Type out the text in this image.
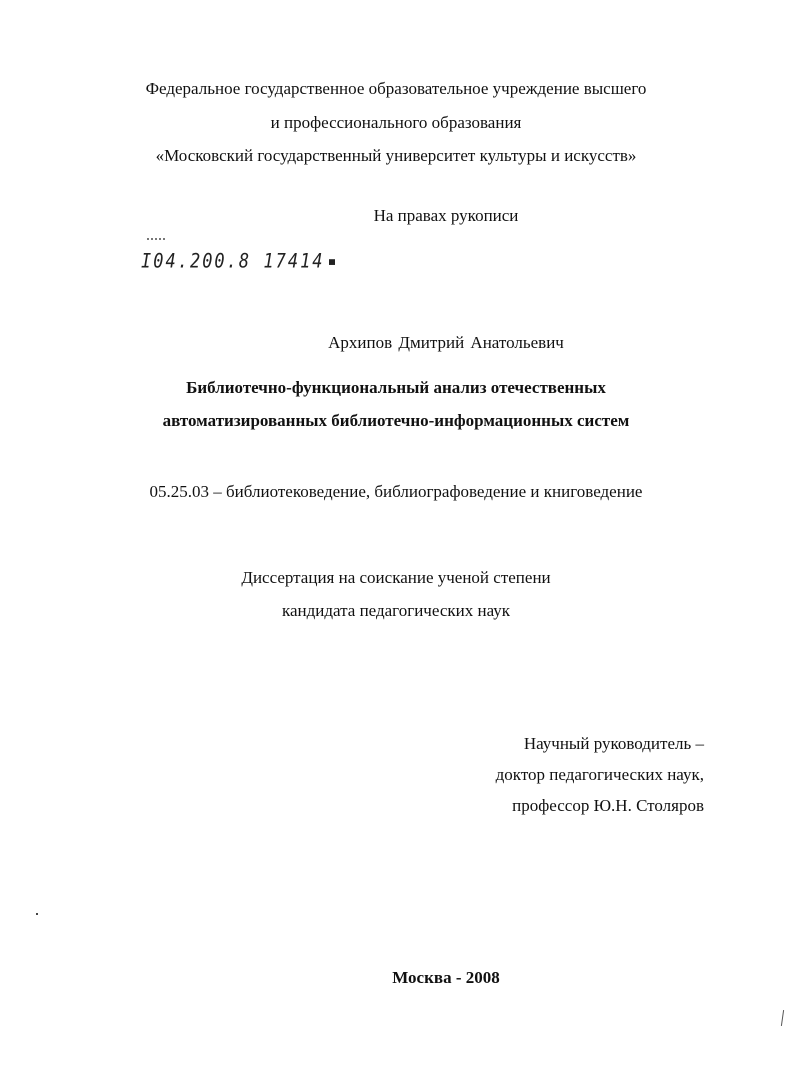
Федеральное государственное образовательное учреждение высшего
и профессионального образования
«Московский государственный университет культуры и искусств»
На правах рукописи
I04.200.8 17414
Архипов Дмитрий Анатольевич
Библиотечно-функциональный анализ отечественных
автоматизированных библиотечно-информационных систем
05.25.03 – библиотековедение, библиографоведение и книговедение
Диссертация на соискание ученой степени
кандидата педагогических наук
Научный руководитель –
доктор педагогических наук,
профессор Ю.Н. Столяров
Москва - 2008
